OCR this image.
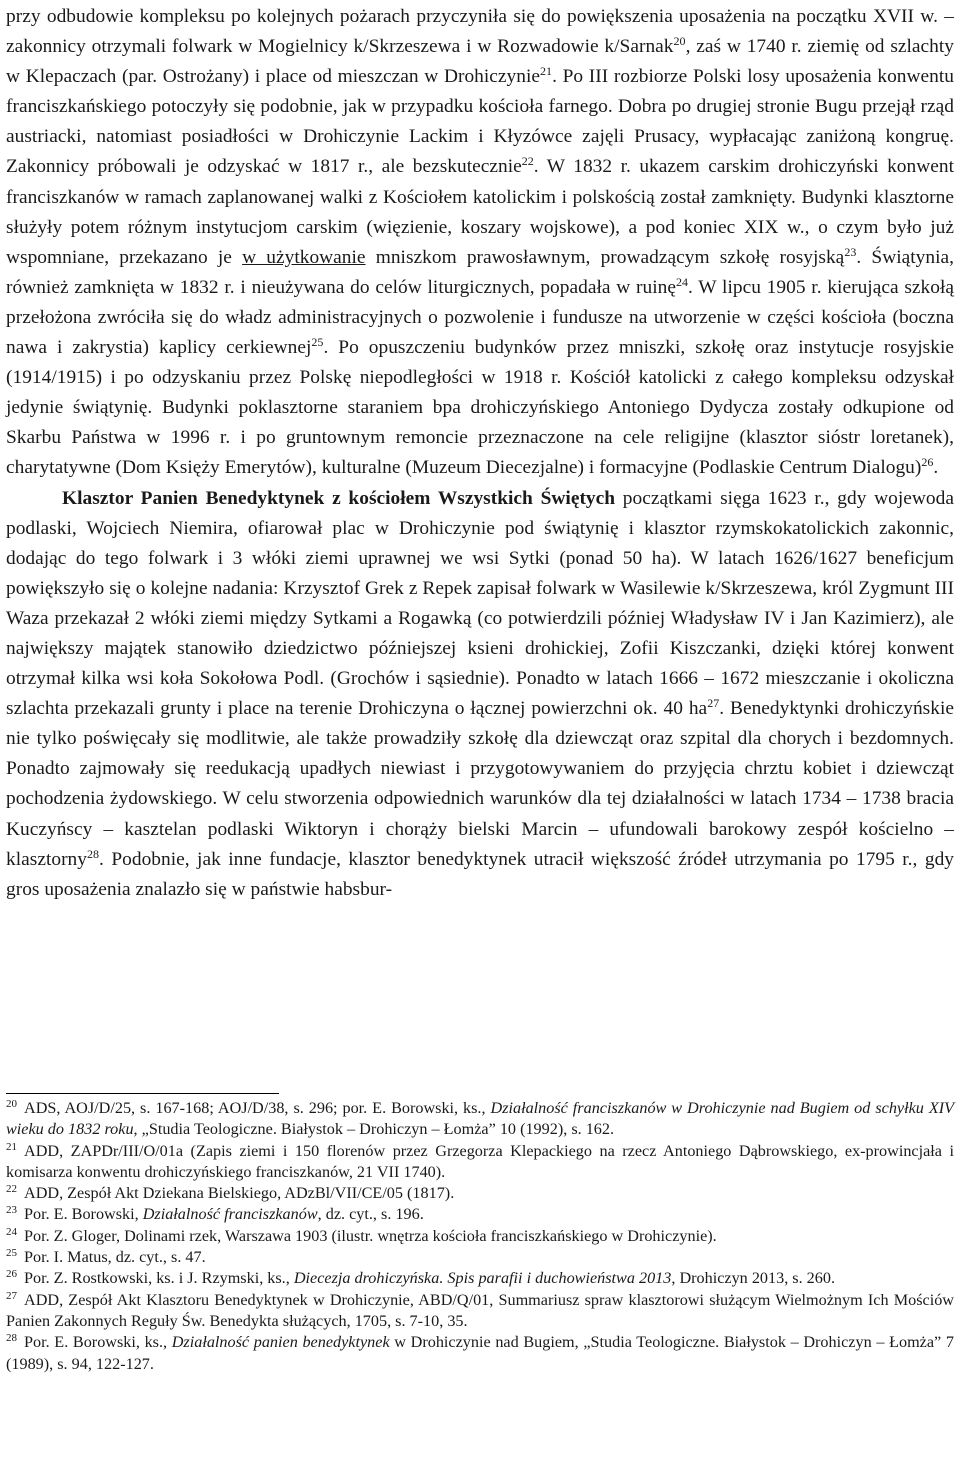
przy odbudowie kompleksu po kolejnych pożarach przyczyniła się do powiększenia uposażenia na początku XVII w. – zakonnicy otrzymali folwark w Mogielnicy k/Skrzeszewa i w Rozwadowie k/Sarnak$^{20}$, zaś w 1740 r. ziemię od szlachty w Klepaczach (par. Ostrożany) i place od mieszczan w Drohiczynie$^{21}$. Po III rozbiorze Polski losy uposażenia konwentu franciszkańskiego potoczyły się podobnie, jak w przypadku kościoła farnego. Dobra po drugiej stronie Bugu przejął rząd austriacki, natomiast posiadłości w Drohiczynie Lackim i Kłyzówce zajęli Prusacy, wypłacając zaniżoną kongruę. Zakonnicy próbowali je odzyskać w 1817 r., ale bezskutecznie$^{22}$. W 1832 r. ukazem carskim drohiczyński konwent franciszkanów w ramach zaplanowanej walki z Kościołem katolickim i polskością został zamknięty. Budynki klasztorne służyły potem różnym instytucjom carskim (więzienie, koszary wojskowe), a pod koniec XIX w., o czym było już wspomniane, przekazano je w użytkowanie mniszkom prawosławnym, prowadzącym szkołę rosyjską$^{23}$. Świątynia, również zamknięta w 1832 r. i nieużywana do celów liturgicznych, popadała w ruinę$^{24}$. W lipcu 1905 r. kierująca szkołą przełożona zwróciła się do władz administracyjnych o pozwolenie i fundusze na utworzenie w części kościoła (boczna nawa i zakrystia) kaplicy cerkiewnej$^{25}$. Po opuszczeniu budynków przez mniszki, szkołę oraz instytucje rosyjskie (1914/1915) i po odzyskaniu przez Polskę niepodległości w 1918 r. Kościół katolicki z całego kompleksu odzyskał jedynie świątynię. Budynki poklasztorne staraniem bpa drohiczyńskiego Antoniego Dydycza zostały odkupione od Skarbu Państwa w 1996 r. i po gruntownym remoncie przeznaczone na cele religijne (klasztor sióstr loretanek), charytatywne (Dom Księży Emerytów), kulturalne (Muzeum Diecezjalne) i formacyjne (Podlaskie Centrum Dialogu)$^{26}$.

Klasztor Panien Benedyktynek z kościołem Wszystkich Świętych początkami sięga 1623 r., gdy wojewoda podlaski, Wojciech Niemira, ofiarował plac w Drohiczynie pod świątynię i klasztor rzymskokatolickich zakonnic, dodając do tego folwark i 3 włóki ziemi uprawnej we wsi Sytki (ponad 50 ha). W latach 1626/1627 beneficjum powiększyło się o kolejne nadania: Krzysztof Grek z Repek zapisał folwark w Wasilewie k/Skrzeszewa, król Zygmunt III Waza przekazał 2 włóki ziemi między Sytkami a Rogawką (co potwierdzili później Władysław IV i Jan Kazimierz), ale największy majątek stanowiło dziedzictwo późniejszej ksieni drohickiej, Zofii Kiszczanki, dzięki której konwent otrzymał kilka wsi koła Sokołowa Podl. (Grochów i sąsiednie). Ponadto w latach 1666 – 1672 mieszczanie i okoliczna szlachta przekazali grunty i place na terenie Drohiczyna o łącznej powierzchni ok. 40 ha$^{27}$. Benedyktynki drohiczyńskie nie tylko poświęcały się modlitwie, ale także prowadziły szkołę dla dziewcząt oraz szpital dla chorych i bezdomnych. Ponadto zajmowały się reedukacją upadłych niewiast i przygotowywaniem do przyjęcia chrztu kobiet i dziewcząt pochodzenia żydowskiego. W celu stworzenia odpowiednich warunków dla tej działalności w latach 1734 – 1738 bracia Kuczyńscy – kasztelan podlaski Wiktoryn i chorąży bielski Marcin – ufundowali barokowy zespół kościelno – klasztorny$^{28}$. Podobnie, jak inne fundacje, klasztor benedyktynek utracił większość źródeł utrzymania po 1795 r., gdy gros uposażenia znalazło się w państwie habsbur-

$^{20}$ ADS, AOJ/D/25, s. 167-168; AOJ/D/38, s. 296; por. E. Borowski, ks., Działalność franciszkanów w Drohiczynie nad Bugiem od schyłku XIV wieku do 1832 roku, „Studia Teologiczne. Białystok – Drohiczyn – Łomża” 10 (1992), s. 162.

$^{21}$ ADD, ZAPDr/III/O/01a (Zapis ziemi i 150 florenów przez Grzegorza Klepackiego na rzecz Antoniego Dąbrowskiego, ex-prowincjała i komisarza konwentu drohiczyńskiego franciszkanów, 21 VII 1740).

$^{22}$ ADD, Zespół Akt Dziekana Bielskiego, ADzBl/VII/CE/05 (1817).

$^{23}$ Por. E. Borowski, Działalność franciszkanów, dz. cyt., s. 196.

$^{24}$ Por. Z. Gloger, Dolinami rzek, Warszawa 1903 (ilustr. wnętrza kościoła franciszkańskiego w Drohiczynie).

$^{25}$ Por. I. Matus, dz. cyt., s. 47.

$^{26}$ Por. Z. Rostkowski, ks. i J. Rzymski, ks., Diecezja drohiczyńska. Spis parafii i duchowieństwa 2013, Drohiczyn 2013, s. 260.

$^{27}$ ADD, Zespół Akt Klasztoru Benedyktynek w Drohiczynie, ABD/Q/01, Summariusz spraw klasztorowi służącym Wielmożnym Ich Mościów Panien Zakonnych Reguły Św. Benedykta służących, 1705, s. 7-10, 35.

$^{28}$ Por. E. Borowski, ks., Działalność panien benedyktynek w Drohiczynie nad Bugiem, „Studia Teologiczne. Białystok – Drohiczyn – Łomża” 7 (1989), s. 94, 122-127.
